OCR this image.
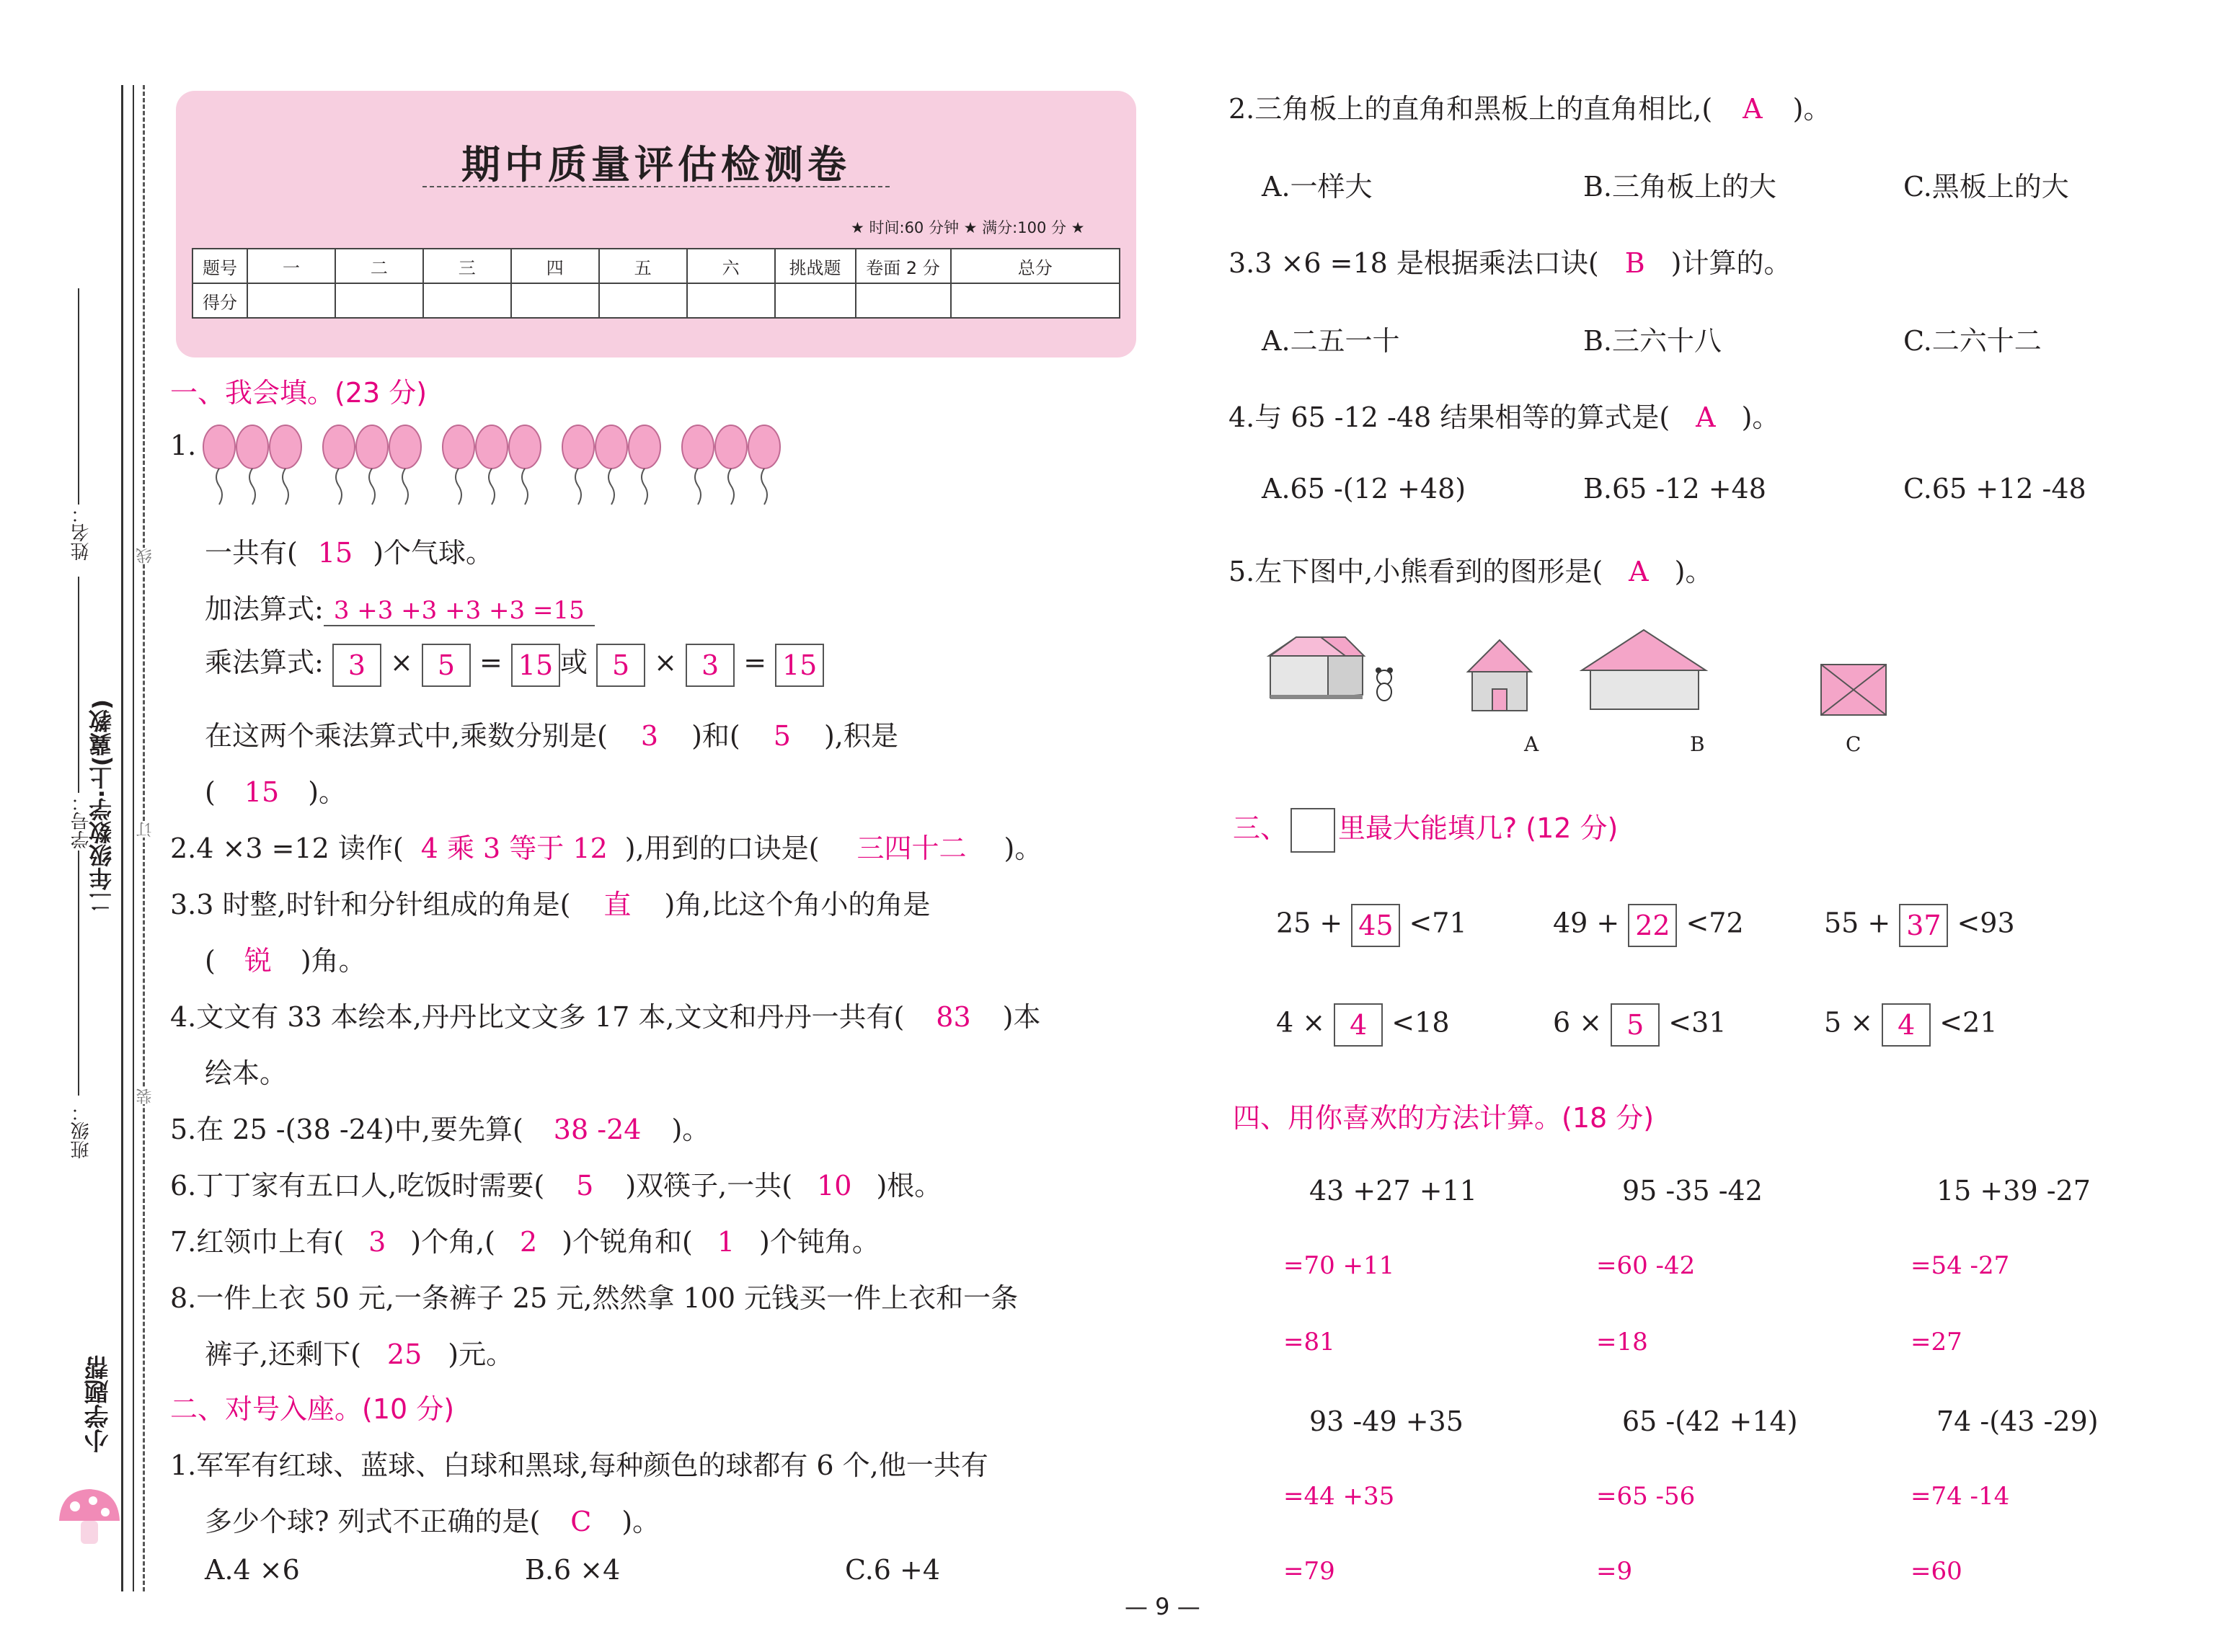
姓名：
学号：
班级：
二年级数学·上(冀教)
线
订
装
小学题帮
期中质量评估检测卷
★ 时间:60 分钟 ★ 满分:100 分 ★
题号	一	二	三	四	五	六	挑战题	卷面 2 分	总分
得分									
一、我会填。(23 分)
1.
一共有( 15 )个气球。
加法算式: 3 +3 +3 +3 +3 =15
乘法算式: 3 × 5 = 15 或 5 × 3 = 15
在这两个乘法算式中,乘数分别是( 3 )和( 5 ),积是
( 15 )。
2.4 ×3 =12 读作( 4 乘 3 等于 12 ),用到的口诀是( 三四十二 )。
3.3 时整,时针和分针组成的角是( 直 )角,比这个角小的角是
( 锐 )角。
4.文文有 33 本绘本,丹丹比文文多 17 本,文文和丹丹一共有( 83 )本
绘本。
5.在 25 -(38 -24)中,要先算( 38 -24 )。
6.丁丁家有五口人,吃饭时需要( 5 )双筷子,一共( 10 )根。
7.红领巾上有( 3 )个角,( 2 )个锐角和( 1 )个钝角。
8.一件上衣 50 元,一条裤子 25 元,然然拿 100 元钱买一件上衣和一条
裤子,还剩下( 25 )元。
二、对号入座。(10 分)
1.军军有红球、蓝球、白球和黑球,每种颜色的球都有 6 个,他一共有
多少个球? 列式不正确的是( C )。
A.4 ×6	B.6 ×4	C.6 +4
2.三角板上的直角和黑板上的直角相比,( A )。
A.一样大	B.三角板上的大	C.黑板上的大
3.3 ×6 =18 是根据乘法口诀( B )计算的。
A.二五一十	B.三六十八	C.二六十二
4.与 65 -12 -48 结果相等的算式是( A )。
A.65 -(12 +48)	B.65 -12 +48	C.65 +12 -48
5.左下图中,小熊看到的图形是( A )。
A	B	C
三、 里最大能填几? (12 分)
25 + 45 <71	49 + 22 <72	55 + 37 <93
4 × 4 <18	6 × 5 <31	5 × 4 <21
四、用你喜欢的方法计算。(18 分)
43 +27 +11
=70 +11
=81
95 -35 -42
=60 -42
=18
15 +39 -27
=54 -27
=27
93 -49 +35
=44 +35
=79
65 -(42 +14)
=65 -56
=9
74 -(43 -29)
=74 -14
=60
— 9 —
